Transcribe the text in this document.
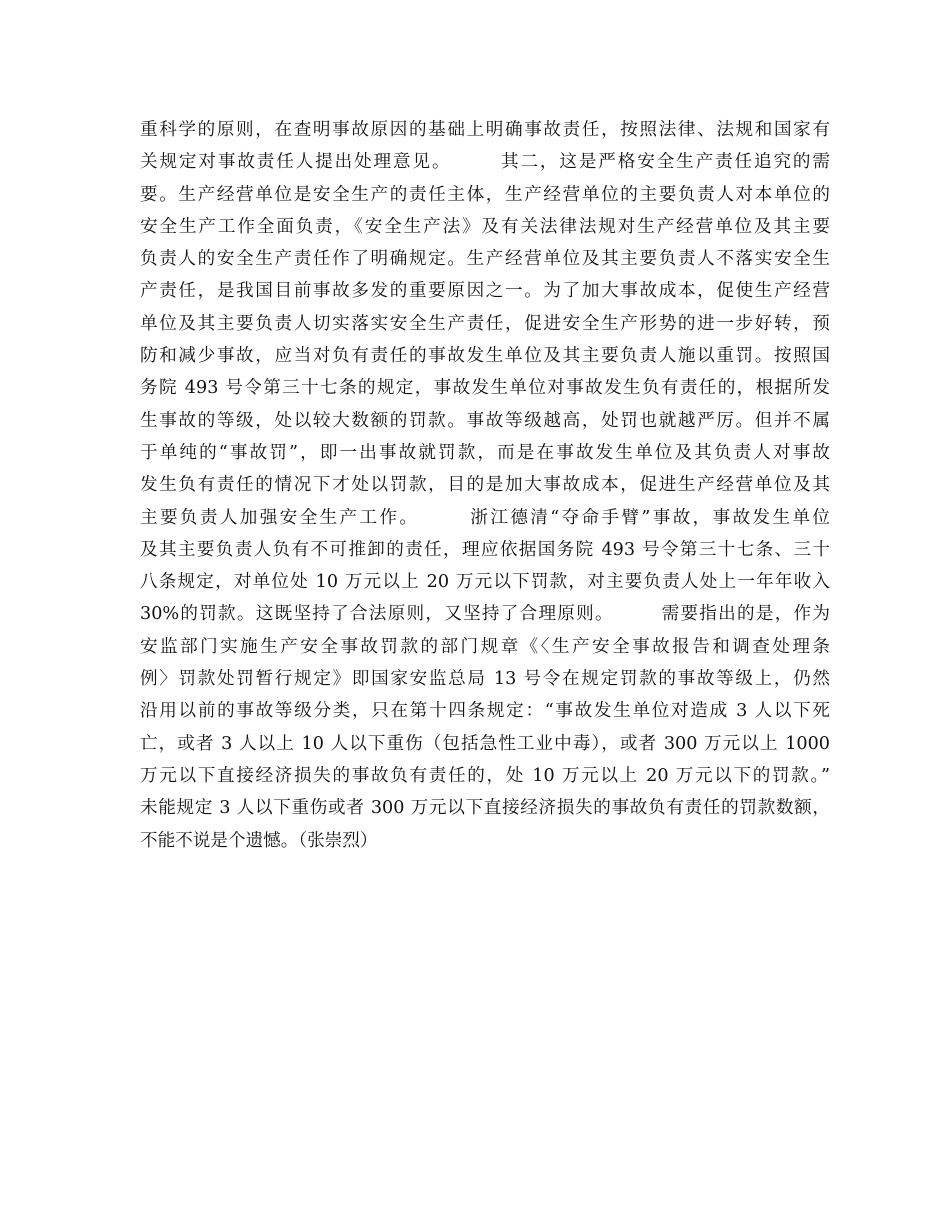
重科学的原则，在查明事故原因的基础上明确事故责任，按照法律、法规和国家有
关规定对事故责任人提出处理意见。　　　其二，这是严格安全生产责任追究的需
要。生产经营单位是安全生产的责任主体，生产经营单位的主要负责人对本单位的
安全生产工作全面负责，《安全生产法》及有关法律法规对生产经营单位及其主要
负责人的安全生产责任作了明确规定。生产经营单位及其主要负责人不落实安全生
产责任，是我国目前事故多发的重要原因之一。为了加大事故成本，促使生产经营
单位及其主要负责人切实落实安全生产责任，促进安全生产形势的进一步好转，预
防和减少事故，应当对负有责任的事故发生单位及其主要负责人施以重罚。按照国
务院 493 号令第三十七条的规定，事故发生单位对事故发生负有责任的，根据所发
生事故的等级，处以较大数额的罚款。事故等级越高，处罚也就越严厉。但并不属
于单纯的“事故罚”，即一出事故就罚款，而是在事故发生单位及其负责人对事故
发生负有责任的情况下才处以罚款，目的是加大事故成本，促进生产经营单位及其
主要负责人加强安全生产工作。　　　浙江德清“夺命手臂”事故，事故发生单位
及其主要负责人负有不可推卸的责任，理应依据国务院 493 号令第三十七条、三十
八条规定，对单位处 10 万元以上 20 万元以下罚款，对主要负责人处上一年年收入
30%的罚款。这既坚持了合法原则，又坚持了合理原则。　　　需要指出的是，作为
安监部门实施生产安全事故罚款的部门规章《〈生产安全事故报告和调查处理条
例〉罚款处罚暂行规定》即国家安监总局 13 号令在规定罚款的事故等级上，仍然
沿用以前的事故等级分类，只在第十四条规定：“事故发生单位对造成 3 人以下死
亡，或者 3 人以上 10 人以下重伤（包括急性工业中毒），或者 300 万元以上 1000
万元以下直接经济损失的事故负有责任的，处 10 万元以上 20 万元以下的罚款。”
未能规定 3 人以下重伤或者 300 万元以下直接经济损失的事故负有责任的罚款数额，
不能不说是个遗憾。（张崇烈）
